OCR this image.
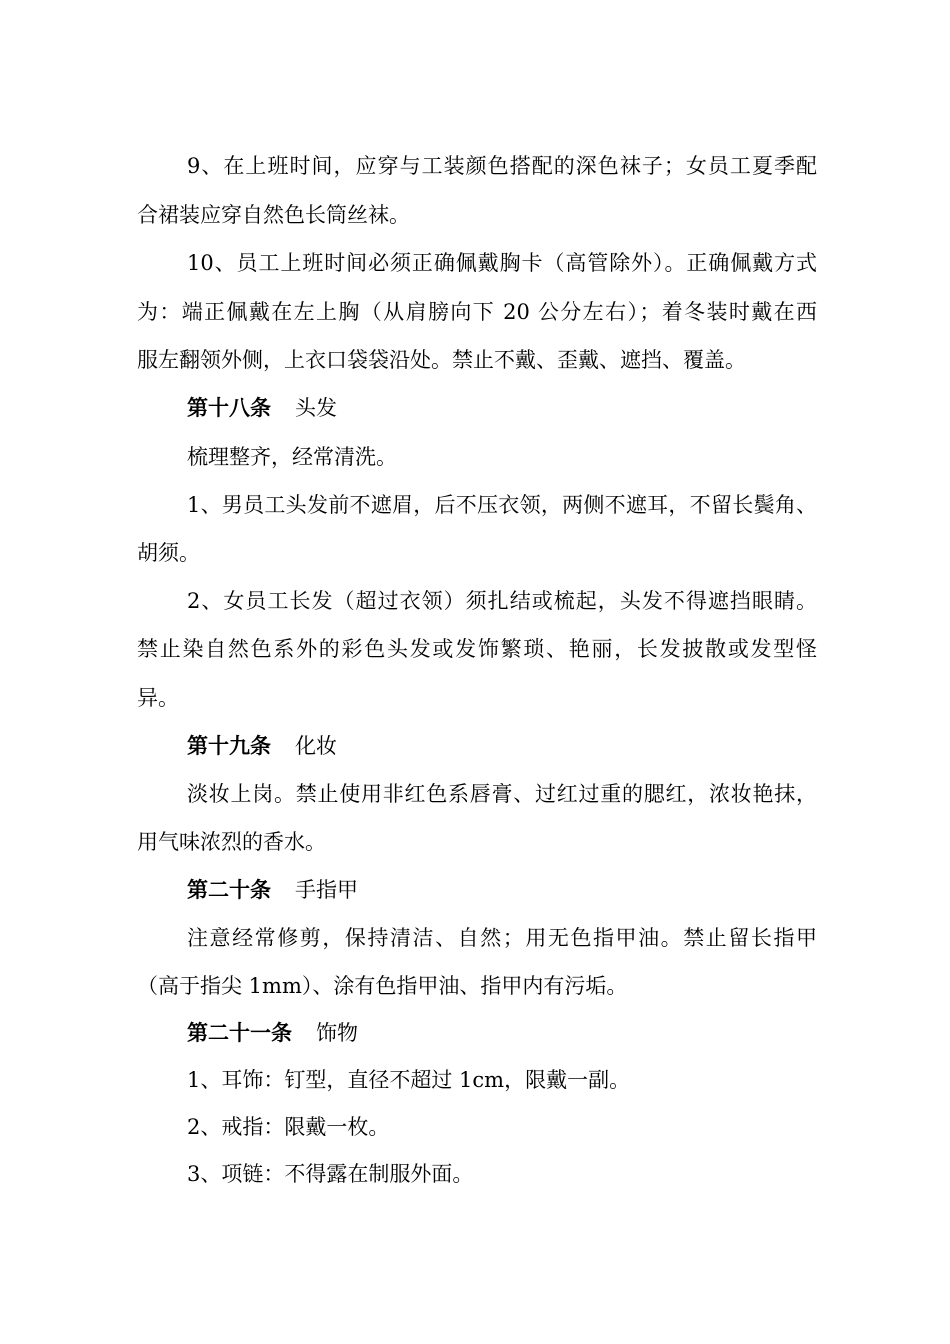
9、在上班时间，应穿与工装颜色搭配的深色袜子；女员工夏季配
合裙装应穿自然色长筒丝袜。
10、员工上班时间必须正确佩戴胸卡（高管除外）。正确佩戴方式
为：端正佩戴在左上胸（从肩膀向下 20 公分左右）；着冬装时戴在西
服左翻领外侧，上衣口袋袋沿处。禁止不戴、歪戴、遮挡、覆盖。
第十八条 头发
梳理整齐，经常清洗。
1、男员工头发前不遮眉，后不压衣领，两侧不遮耳，不留长鬓角、
胡须。
2、女员工长发（超过衣领）须扎结或梳起，头发不得遮挡眼睛。
禁止染自然色系外的彩色头发或发饰繁琐、艳丽，长发披散或发型怪
异。
第十九条 化妆
淡妆上岗。禁止使用非红色系唇膏、过红过重的腮红，浓妆艳抹，
用气味浓烈的香水。
第二十条 手指甲
注意经常修剪，保持清洁、自然；用无色指甲油。禁止留长指甲
（高于指尖 1mm）、涂有色指甲油、指甲内有污垢。
第二十一条 饰物
1、耳饰：钉型，直径不超过 1cm，限戴一副。
2、戒指：限戴一枚。
3、项链：不得露在制服外面。
